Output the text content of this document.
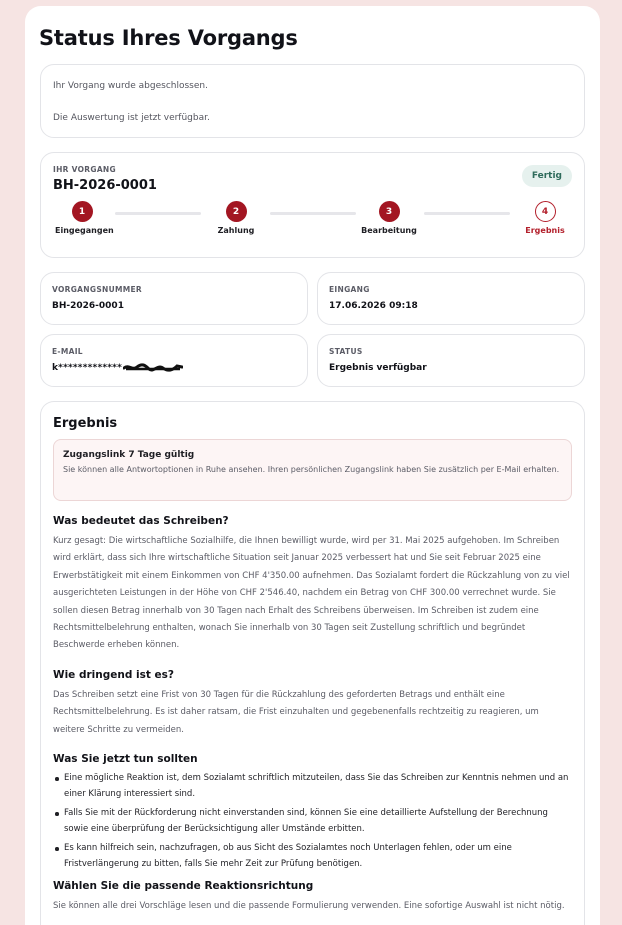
Status Ihres Vorgangs

Ihr Vorgang wurde abgeschlossen.

Die Auswertung ist jetzt verfügbar.

IHR VORGANG
BH-2026-0001
Fertig
1
Eingegangen
2
Zahlung
3
Bearbeitung
4
Ergebnis
VORGANGSNUMMER
BH-2026-0001
EINGANG
17.06.2026 09:18
E-MAIL
k*************
STATUS
Ergebnis verfügbar
Ergebnis
Zugangslink 7 Tage gültig
Sie können alle Antwortoptionen in Ruhe ansehen. Ihren persönlichen Zugangslink haben Sie zusätzlich per E-Mail erhalten.
Was bedeutet das Schreiben?
Kurz gesagt: Die wirtschaftliche Sozialhilfe, die Ihnen bewilligt wurde, wird per 31. Mai 2025 aufgehoben. Im Schreiben wird erklärt, dass sich Ihre wirtschaftliche Situation seit Januar 2025 verbessert hat und Sie seit Februar 2025 eine Erwerbstätigkeit mit einem Einkommen von CHF 4'350.00 aufnehmen. Das Sozialamt fordert die Rückzahlung von zu viel ausgerichteten Leistungen in der Höhe von CHF 2'546.40, nachdem ein Betrag von CHF 300.00 verrechnet wurde. Sie sollen diesen Betrag innerhalb von 30 Tagen nach Erhalt des Schreibens überweisen. Im Schreiben ist zudem eine Rechtsmittelbelehrung enthalten, wonach Sie innerhalb von 30 Tagen seit Zustellung schriftlich und begründet Beschwerde erheben können.
Wie dringend ist es?
Das Schreiben setzt eine Frist von 30 Tagen für die Rückzahlung des geforderten Betrags und enthält eine Rechtsmittelbelehrung. Es ist daher ratsam, die Frist einzuhalten und gegebenenfalls rechtzeitig zu reagieren, um weitere Schritte zu vermeiden.
Was Sie jetzt tun sollten
Eine mögliche Reaktion ist, dem Sozialamt schriftlich mitzuteilen, dass Sie das Schreiben zur Kenntnis nehmen und an einer Klärung interessiert sind.
Falls Sie mit der Rückforderung nicht einverstanden sind, können Sie eine detaillierte Aufstellung der Berechnung sowie eine überprüfung der Berücksichtigung aller Umstände erbitten.
Es kann hilfreich sein, nachzufragen, ob aus Sicht des Sozialamtes noch Unterlagen fehlen, oder um eine Fristverlängerung zu bitten, falls Sie mehr Zeit zur Prüfung benötigen.
Wählen Sie die passende Reaktionsrichtung
Sie können alle drei Vorschläge lesen und die passende Formulierung verwenden. Eine sofortige Auswahl ist nicht nötig.
